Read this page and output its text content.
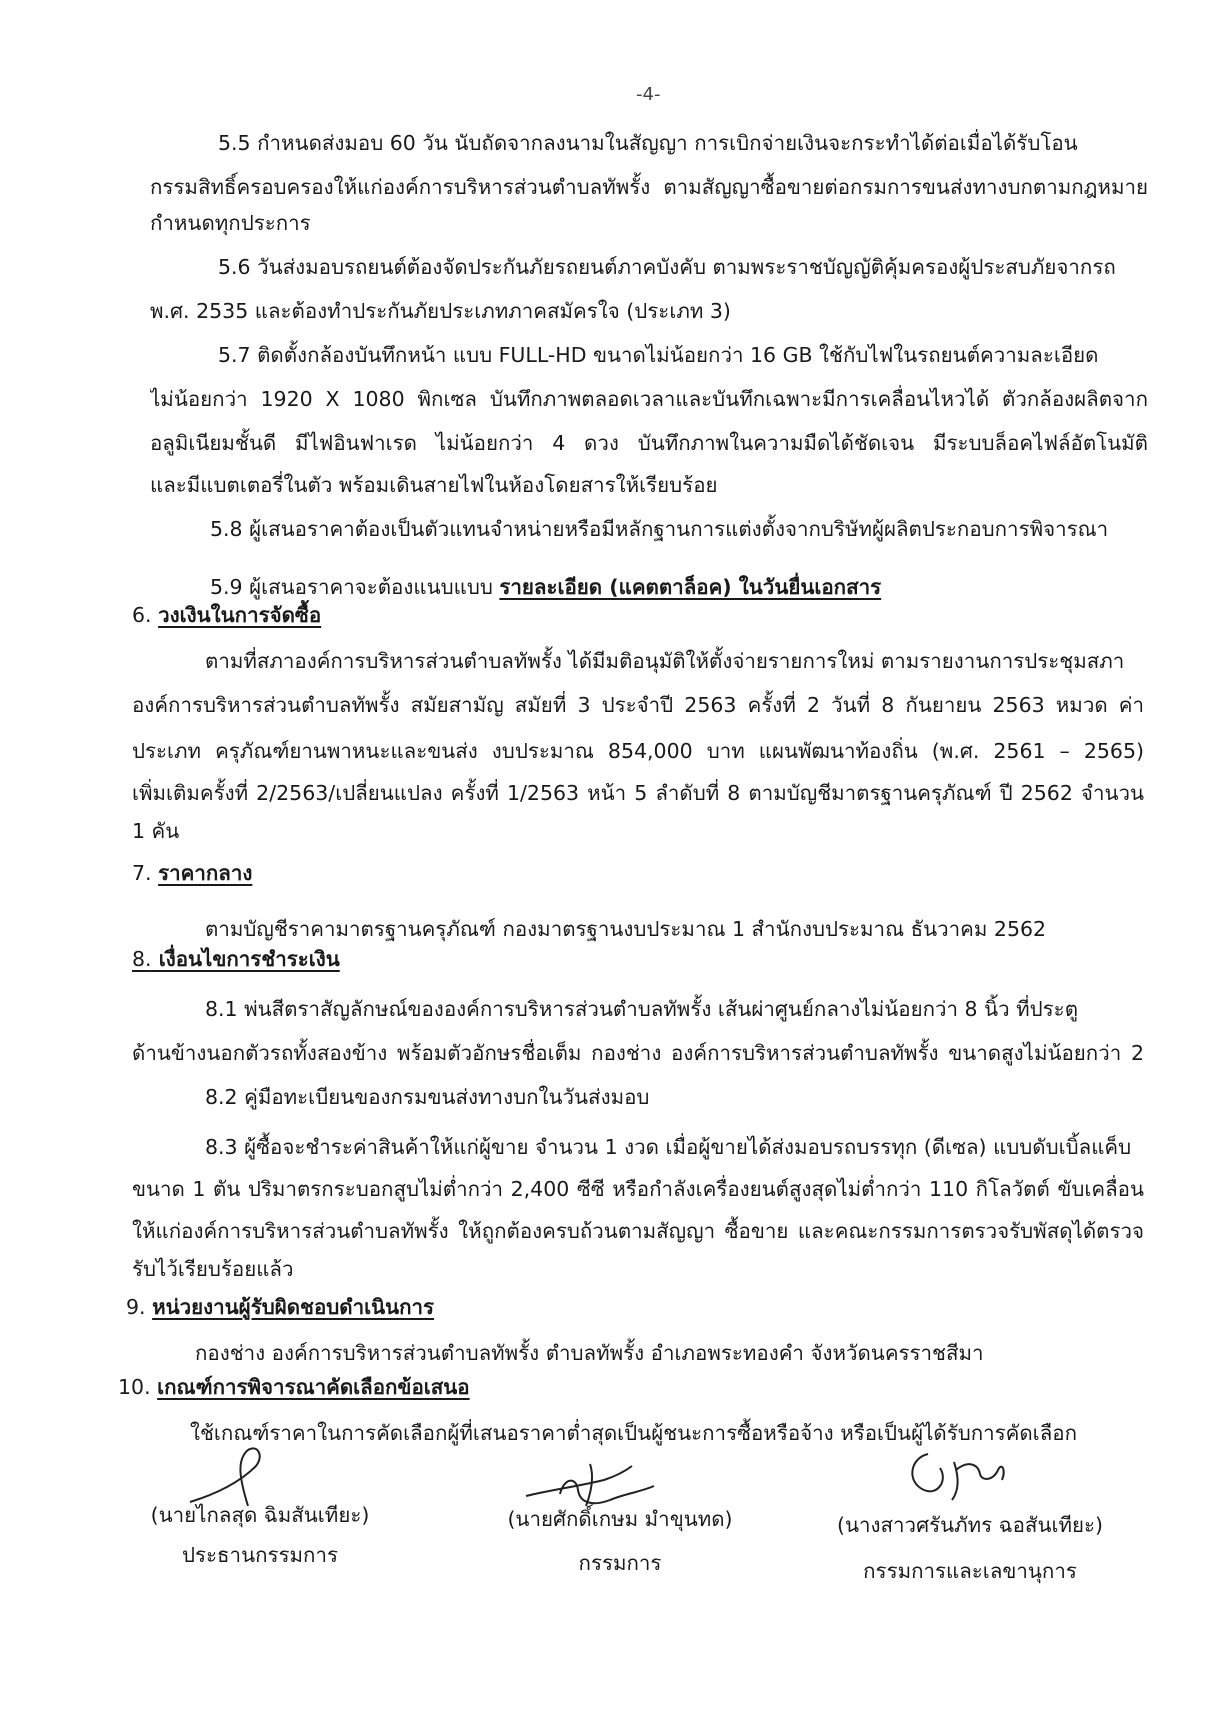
-4-
5.5 กำหนดส่งมอบ 60 วัน นับถัดจากลงนามในสัญญา การเบิกจ่ายเงินจะกระทำได้ต่อเมื่อได้รับโอน
กรรมสิทธิ์ครอบครองให้แก่องค์การบริหารส่วนตำบลทัพรั้ง ตามสัญญาซื้อขายต่อกรมการขนส่งทางบกตามกฎหมาย
กำหนดทุกประการ
5.6 วันส่งมอบรถยนต์ต้องจัดประกันภัยรถยนต์ภาคบังคับ ตามพระราชบัญญัติคุ้มครองผู้ประสบภัยจากรถ
พ.ศ. 2535 และต้องทำประกันภัยประเภทภาคสมัครใจ (ประเภท 3)
5.7 ติดตั้งกล้องบันทึกหน้า แบบ FULL-HD ขนาดไม่น้อยกว่า 16 GB ใช้กับไฟในรถยนต์ความละเอียด
ไม่น้อยกว่า 1920 X 1080 พิกเซล บันทึกภาพตลอดเวลาและบันทึกเฉพาะมีการเคลื่อนไหวได้ ตัวกล้องผลิตจาก
อลูมิเนียมชั้นดี มีไฟอินฟาเรด ไม่น้อยกว่า 4 ดวง บันทึกภาพในความมืดได้ชัดเจน มีระบบล็อคไฟล์อัตโนมัติ
และมีแบตเตอรี่ในตัว พร้อมเดินสายไฟในห้องโดยสารให้เรียบร้อย
5.8 ผู้เสนอราคาต้องเป็นตัวแทนจำหน่ายหรือมีหลักฐานการแต่งตั้งจากบริษัทผู้ผลิตประกอบการพิจารณา
5.9 ผู้เสนอราคาจะต้องแนบแบบ รายละเอียด (แคตตาล็อค) ในวันยื่นเอกสาร
6. วงเงินในการจัดซื้อ
ตามที่สภาองค์การบริหารส่วนตำบลทัพรั้ง ได้มีมติอนุมัติให้ตั้งจ่ายรายการใหม่ ตามรายงานการประชุมสภา
องค์การบริหารส่วนตำบลทัพรั้ง สมัยสามัญ สมัยที่ 3 ประจำปี 2563 ครั้งที่ 2 วันที่ 8 กันยายน 2563 หมวด ค่า
ประเภท ครุภัณฑ์ยานพาหนะและขนส่ง งบประมาณ 854,000 บาท แผนพัฒนาท้องถิ่น (พ.ศ. 2561 – 2565)
เพิ่มเติมครั้งที่ 2/2563/เปลี่ยนแปลง ครั้งที่ 1/2563 หน้า 5 ลำดับที่ 8 ตามบัญชีมาตรฐานครุภัณฑ์ ปี 2562 จำนวน
1 คัน
7. ราคากลาง
ตามบัญชีราคามาตรฐานครุภัณฑ์ กองมาตรฐานงบประมาณ 1 สำนักงบประมาณ ธันวาคม 2562
8. เงื่อนไขการชำระเงิน
8.1 พ่นสีตราสัญลักษณ์ขององค์การบริหารส่วนตำบลทัพรั้ง เส้นผ่าศูนย์กลางไม่น้อยกว่า 8 นิ้ว ที่ประตู
ด้านข้างนอกตัวรถทั้งสองข้าง พร้อมตัวอักษรชื่อเต็ม กองช่าง องค์การบริหารส่วนตำบลทัพรั้ง ขนาดสูงไม่น้อยกว่า 2
8.2 คู่มือทะเบียนของกรมขนส่งทางบกในวันส่งมอบ
8.3 ผู้ซื้อจะชำระค่าสินค้าให้แก่ผู้ขาย จำนวน 1 งวด เมื่อผู้ขายได้ส่งมอบรถบรรทุก (ดีเซล) แบบดับเบิ้ลแค็บ
ขนาด 1 ตัน ปริมาตรกระบอกสูบไม่ต่ำกว่า 2,400 ซีซี หรือกำลังเครื่องยนต์สูงสุดไม่ต่ำกว่า 110 กิโลวัตต์ ขับเคลื่อน
ให้แก่องค์การบริหารส่วนตำบลทัพรั้ง ให้ถูกต้องครบถ้วนตามสัญญา ซื้อขาย และคณะกรรมการตรวจรับพัสดุได้ตรวจ
รับไว้เรียบร้อยแล้ว
9. หน่วยงานผู้รับผิดชอบดำเนินการ
กองช่าง องค์การบริหารส่วนตำบลทัพรั้ง ตำบลทัพรั้ง อำเภอพระทองคำ จังหวัดนครราชสีมา
10. เกณฑ์การพิจารณาคัดเลือกข้อเสนอ
ใช้เกณฑ์ราคาในการคัดเลือกผู้ที่เสนอราคาต่ำสุดเป็นผู้ชนะการซื้อหรือจ้าง หรือเป็นผู้ได้รับการคัดเลือก
(นายไกลสุด ฉิมสันเทียะ)
ประธานกรรมการ
(นายศักดิ์เกษม มำขุนทด)
กรรมการ
(นางสาวศรันภัทร ฉอสันเทียะ)
กรรมการและเลขานุการ
